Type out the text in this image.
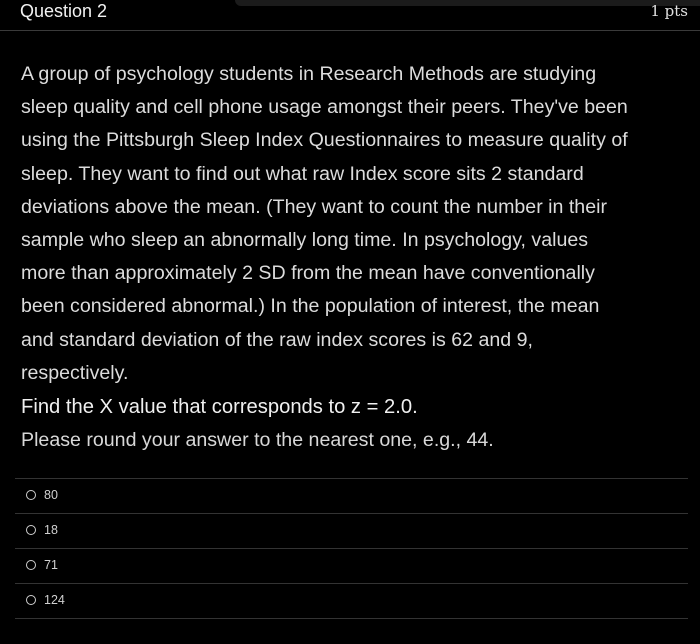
Question 2	1 pts

A group of psychology students in Research Methods are studying

sleep quality and cell phone usage amongst their peers. They've been

using the Pittsburgh Sleep Index Questionnaires to measure quality of

sleep. They want to find out what raw Index score sits 2 standard

deviations above the mean. (They want to count the number in their

sample who sleep an abnormally long time. In psychology, values

more than approximately 2 SD from the mean have conventionally

been considered abnormal.) In the population of interest, the mean

and standard deviation of the raw index scores is 62 and 9,

respectively.

Find the X value that corresponds to z = 2.0.
Please round your answer to the nearest one, e.g., 44.
80
18
71
124
